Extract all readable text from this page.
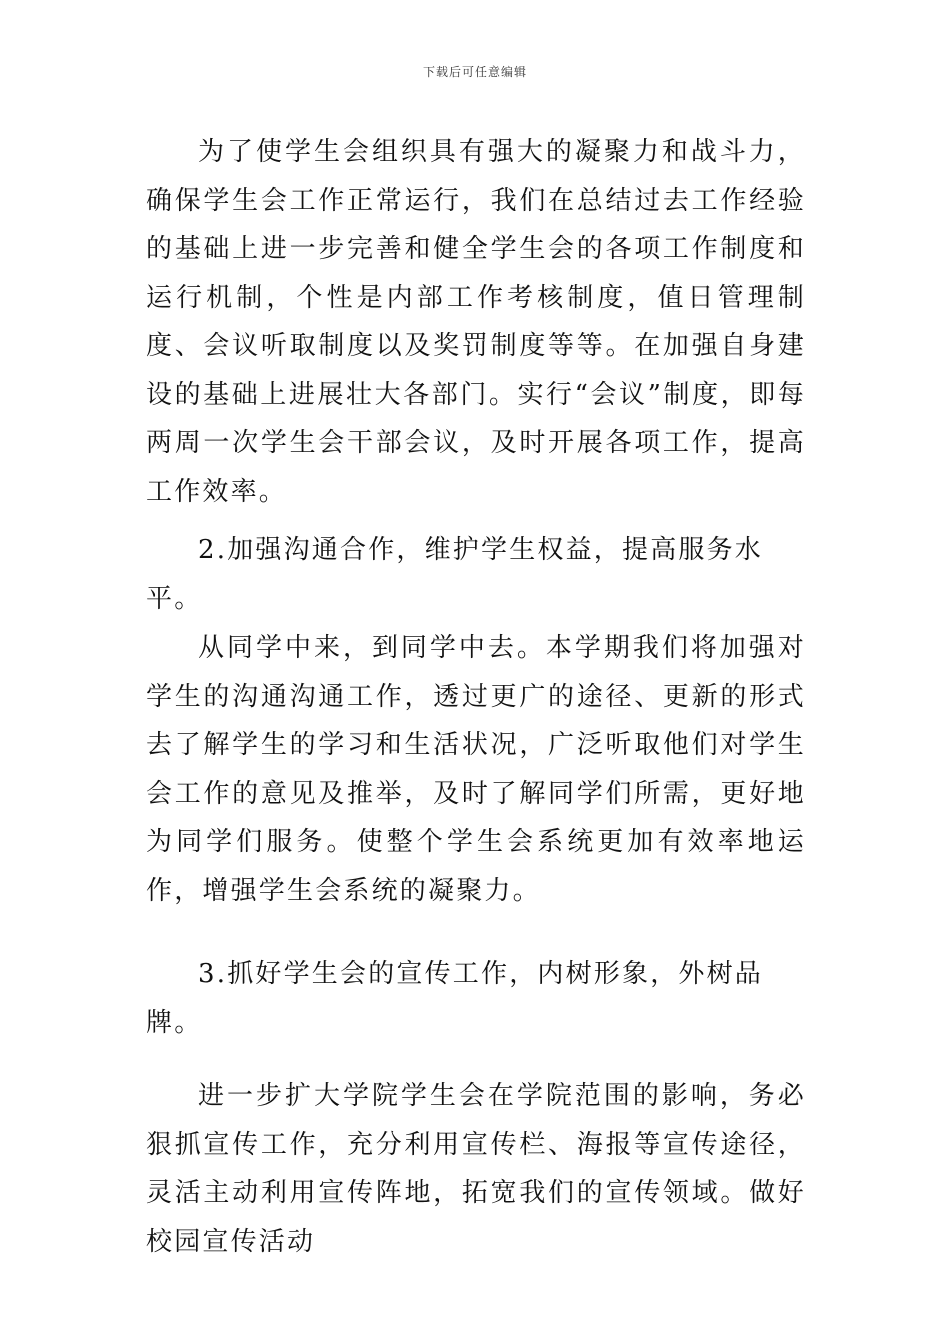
下载后可任意编辑

为了使学生会组织具有强大的凝聚力和战斗力，确保学生会工作正常运行，我们在总结过去工作经验的基础上进一步完善和健全学生会的各项工作制度和运行机制，个性是内部工作考核制度，值日管理制度、会议听取制度以及奖罚制度等等。在加强自身建设的基础上进展壮大各部门。实行“会议”制度，即每两周一次学生会干部会议，及时开展各项工作，提高工作效率。

2.加强沟通合作，维护学生权益，提高服务水平。

从同学中来，到同学中去。本学期我们将加强对学生的沟通沟通工作，透过更广的途径、更新的形式去了解学生的学习和生活状况，广泛听取他们对学生会工作的意见及推举，及时了解同学们所需，更好地为同学们服务。使整个学生会系统更加有效率地运作，增强学生会系统的凝聚力。

3.抓好学生会的宣传工作，内树形象，外树品牌。

进一步扩大学院学生会在学院范围的影响，务必狠抓宣传工作，充分利用宣传栏、海报等宣传途径，灵活主动利用宣传阵地，拓宽我们的宣传领域。做好校园宣传活动
